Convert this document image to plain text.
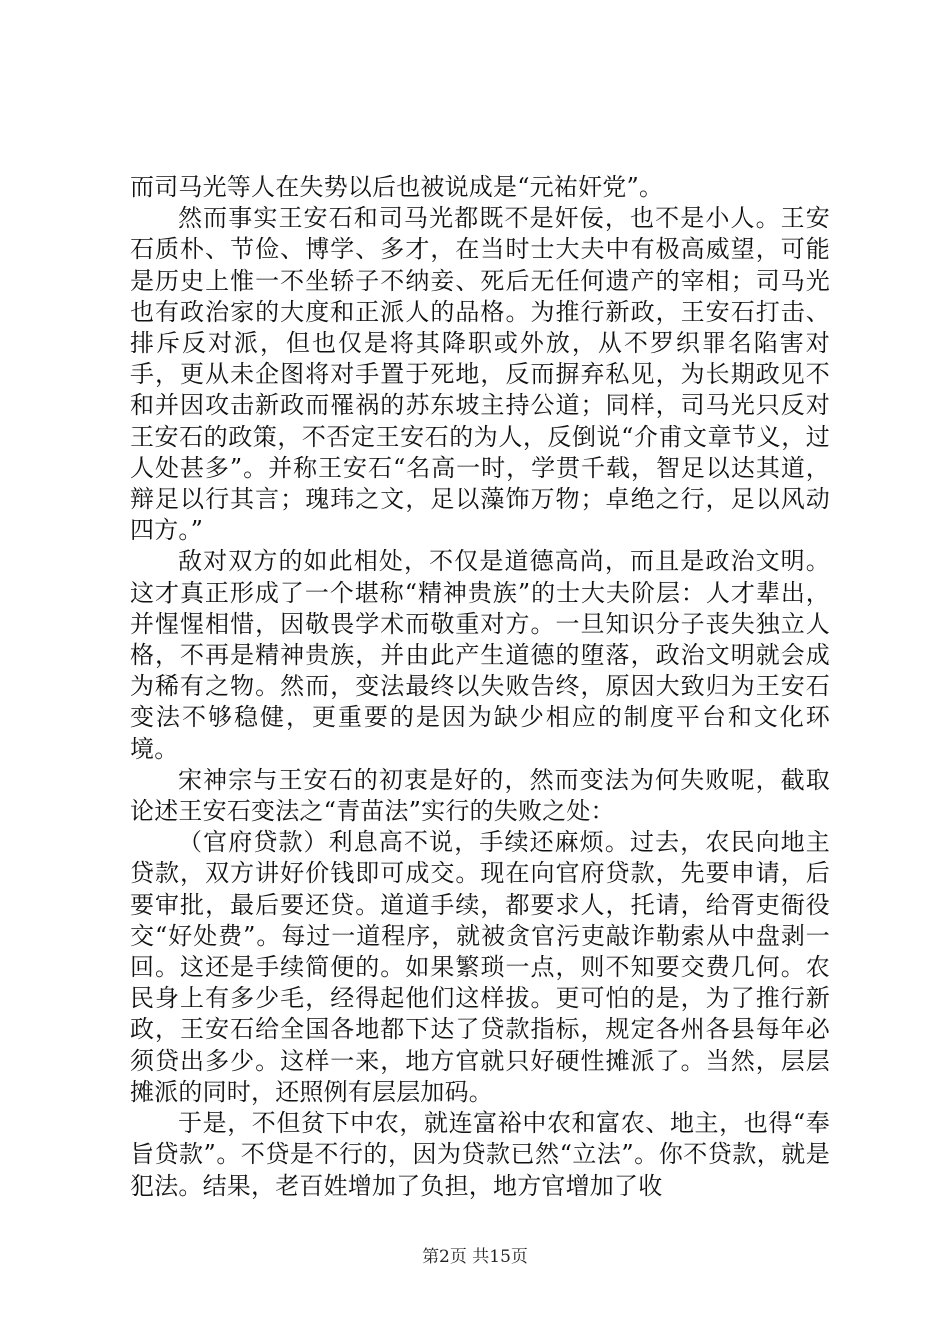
而司马光等人在失势以后也被说成是“元祐奸党”。

然而事实王安石和司马光都既不是奸佞，也不是小人。王安石质朴、节俭、博学、多才，在当时士大夫中有极高威望，可能是历史上惟一不坐轿子不纳妾、死后无任何遗产的宰相；司马光也有政治家的大度和正派人的品格。为推行新政，王安石打击、排斥反对派，但也仅是将其降职或外放，从不罗织罪名陷害对手，更从未企图将对手置于死地，反而摒弃私见，为长期政见不和并因攻击新政而罹祸的苏东坡主持公道；同样，司马光只反对王安石的政策，不否定王安石的为人，反倒说“介甫文章节义，过人处甚多”。并称王安石“名高一时，学贯千载，智足以达其道，辩足以行其言；瑰玮之文，足以藻饰万物；卓绝之行，足以风动四方。”

敌对双方的如此相处，不仅是道德高尚，而且是政治文明。这才真正形成了一个堪称“精神贵族”的士大夫阶层：人才辈出，并惺惺相惜，因敬畏学术而敬重对方。一旦知识分子丧失独立人格，不再是精神贵族，并由此产生道德的堕落，政治文明就会成为稀有之物。然而，变法最终以失败告终，原因大致归为王安石变法不够稳健，更重要的是因为缺少相应的制度平台和文化环境。

宋神宗与王安石的初衷是好的，然而变法为何失败呢，截取论述王安石变法之“青苗法”实行的失败之处：

（官府贷款）利息高不说，手续还麻烦。过去，农民向地主贷款，双方讲好价钱即可成交。现在向官府贷款，先要申请，后要审批，最后要还贷。道道手续，都要求人，托请，给胥吏衙役交“好处费”。每过一道程序，就被贪官污吏敲诈勒索从中盘剥一回。这还是手续简便的。如果繁琐一点，则不知要交费几何。农民身上有多少毛，经得起他们这样拔。更可怕的是，为了推行新政，王安石给全国各地都下达了贷款指标，规定各州各县每年必须贷出多少。这样一来，地方官就只好硬性摊派了。当然，层层摊派的同时，还照例有层层加码。

于是，不但贫下中农，就连富裕中农和富农、地主，也得“奉旨贷款”。不贷是不行的，因为贷款已然“立法”。你不贷款，就是犯法。结果，老百姓增加了负担，地方官增加了收

第2页 共15页
